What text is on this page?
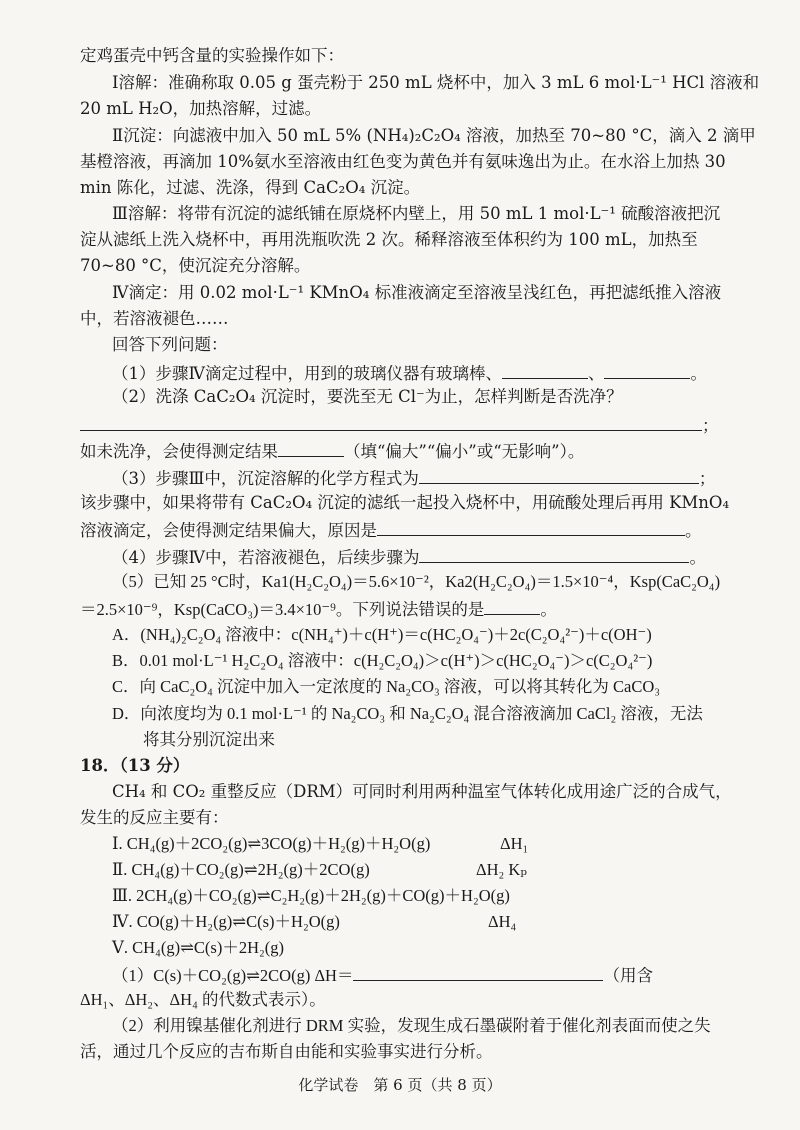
定鸡蛋壳中钙含量的实验操作如下：
Ⅰ溶解：准确称取 0.05 g 蛋壳粉于 250 mL 烧杯中，加入 3 mL 6 mol·L⁻¹ HCl 溶液和
20 mL H₂O，加热溶解，过滤。
Ⅱ沉淀：向滤液中加入 50 mL 5% (NH₄)₂C₂O₄ 溶液，加热至 70~80 °C，滴入 2 滴甲
基橙溶液，再滴加 10%氨水至溶液由红色变为黄色并有氨味逸出为止。在水浴上加热 30
min 陈化，过滤、洗涤，得到 CaC₂O₄ 沉淀。
Ⅲ溶解：将带有沉淀的滤纸铺在原烧杯内壁上，用 50 mL 1 mol·L⁻¹ 硫酸溶液把沉
淀从滤纸上洗入烧杯中，再用洗瓶吹洗 2 次。稀释溶液至体积约为 100 mL，加热至
70~80 °C，使沉淀充分溶解。
Ⅳ滴定：用 0.02 mol·L⁻¹ KMnO₄ 标准液滴定至溶液呈浅红色，再把滤纸推入溶液
中，若溶液褪色……
回答下列问题：
（1）步骤Ⅳ滴定过程中，用到的玻璃仪器有玻璃棒、	、	。
（2）洗涤 CaC₂O₄ 沉淀时，要洗至无 Cl⁻为止，怎样判断是否洗净？
；
如未洗净，会使得测定结果	（填“偏大”“偏小”或“无影响”）。
（3）步骤Ⅲ中，沉淀溶解的化学方程式为	；
该步骤中，如果将带有 CaC₂O₄ 沉淀的滤纸一起投入烧杯中，用硫酸处理后再用 KMnO₄
溶液滴定，会使得测定结果偏大，原因是	。
（4）步骤Ⅳ中，若溶液褪色，后续步骤为	。
（5）已知 25 °C时，Ka1(H₂C₂O₄)＝5.6×10⁻²，Ka2(H₂C₂O₄)＝1.5×10⁻⁴，Ksp(CaC₂O₄)
＝2.5×10⁻⁹，Ksp(CaCO₃)＝3.4×10⁻⁹。下列说法错误的是	。
A．(NH₄)₂C₂O₄ 溶液中：c(NH₄⁺)＋c(H⁺)＝c(HC₂O₄⁻)＋2c(C₂O₄²⁻)＋c(OH⁻)
B．0.01 mol·L⁻¹ H₂C₂O₄ 溶液中：c(H₂C₂O₄)＞c(H⁺)＞c(HC₂O₄⁻)＞c(C₂O₄²⁻)
C．向 CaC₂O₄ 沉淀中加入一定浓度的 Na₂CO₃ 溶液，可以将其转化为 CaCO₃
D．向浓度均为 0.1 mol·L⁻¹ 的 Na₂CO₃ 和 Na₂C₂O₄ 混合溶液滴加 CaCl₂ 溶液，无法
将其分别沉淀出来
18．（13 分）
CH₄ 和 CO₂ 重整反应（DRM）可同时利用两种温室气体转化成用途广泛的合成气，
发生的反应主要有：
Ⅰ. CH₄(g)＋2CO₂(g)⇌3CO(g)＋H₂(g)＋H₂O(g)	ΔH₁
Ⅱ. CH₄(g)＋CO₂(g)⇌2H₂(g)＋2CO(g)	ΔH₂ Kₚ
Ⅲ. 2CH₄(g)＋CO₂(g)⇌C₂H₂(g)＋2H₂(g)＋CO(g)＋H₂O(g)
Ⅳ. CO(g)＋H₂(g)⇌C(s)＋H₂O(g)	ΔH₄
Ⅴ. CH₄(g)⇌C(s)＋2H₂(g)
（1）C(s)＋CO₂(g)⇌2CO(g) ΔH＝	（用含
化学试卷　第 6 页（共 8 页）
ΔH₁、ΔH₂、ΔH₄ 的代数式表示）。
（2）利用镍基催化剂进行 DRM 实验，发现生成石墨碳附着于催化剂表面而使之失
活，通过几个反应的吉布斯自由能和实验事实进行分析。
